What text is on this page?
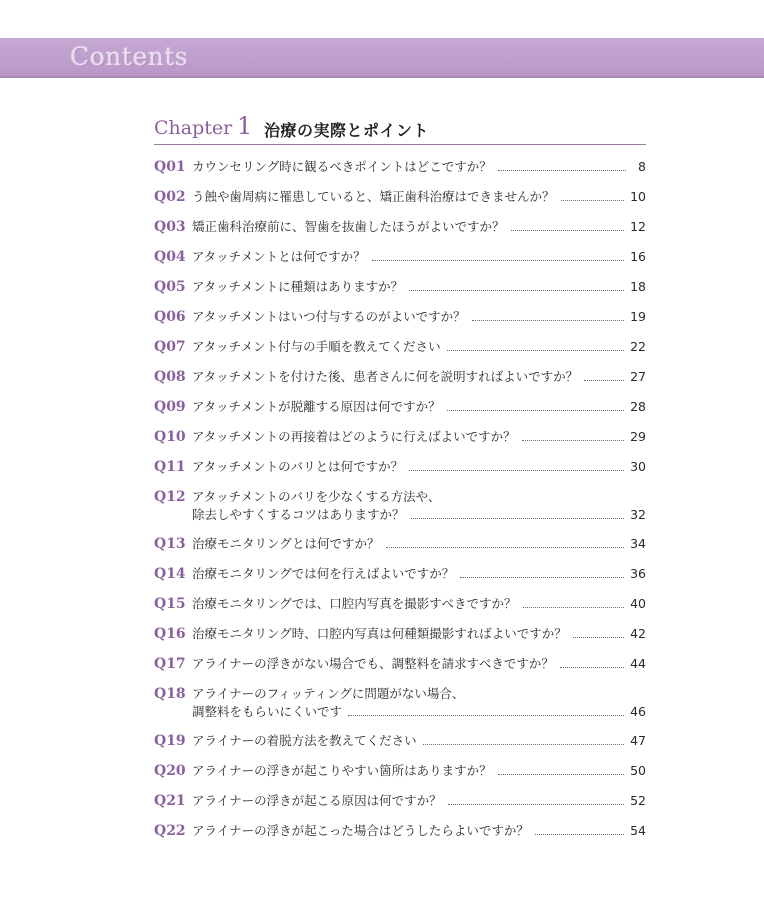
Contents
Chapter 1 治療の実際とポイント
Q01 カウンセリング時に観るべきポイントはどこですか？	8
Q02 う蝕や歯周病に罹患していると、矯正歯科治療はできませんか？	10
Q03 矯正歯科治療前に、智歯を抜歯したほうがよいですか？	12
Q04 アタッチメントとは何ですか？	16
Q05 アタッチメントに種類はありますか？	18
Q06 アタッチメントはいつ付与するのがよいですか？	19
Q07 アタッチメント付与の手順を教えてください	22
Q08 アタッチメントを付けた後、患者さんに何を説明すればよいですか？	27
Q09 アタッチメントが脱離する原因は何ですか？	28
Q10 アタッチメントの再接着はどのように行えばよいですか？	29
Q11 アタッチメントのバリとは何ですか？	30
Q12 アタッチメントのバリを少なくする方法や、
除去しやすくするコツはありますか？	32
Q13 治療モニタリングとは何ですか？	34
Q14 治療モニタリングでは何を行えばよいですか？	36
Q15 治療モニタリングでは、口腔内写真を撮影すべきですか？	40
Q16 治療モニタリング時、口腔内写真は何種類撮影すればよいですか？	42
Q17 アライナーの浮きがない場合でも、調整料を請求すべきですか？	44
Q18 アライナーのフィッティングに問題がない場合、
調整料をもらいにくいです	46
Q19 アライナーの着脱方法を教えてください	47
Q20 アライナーの浮きが起こりやすい箇所はありますか？	50
Q21 アライナーの浮きが起こる原因は何ですか？	52
Q22 アライナーの浮きが起こった場合はどうしたらよいですか？	54
